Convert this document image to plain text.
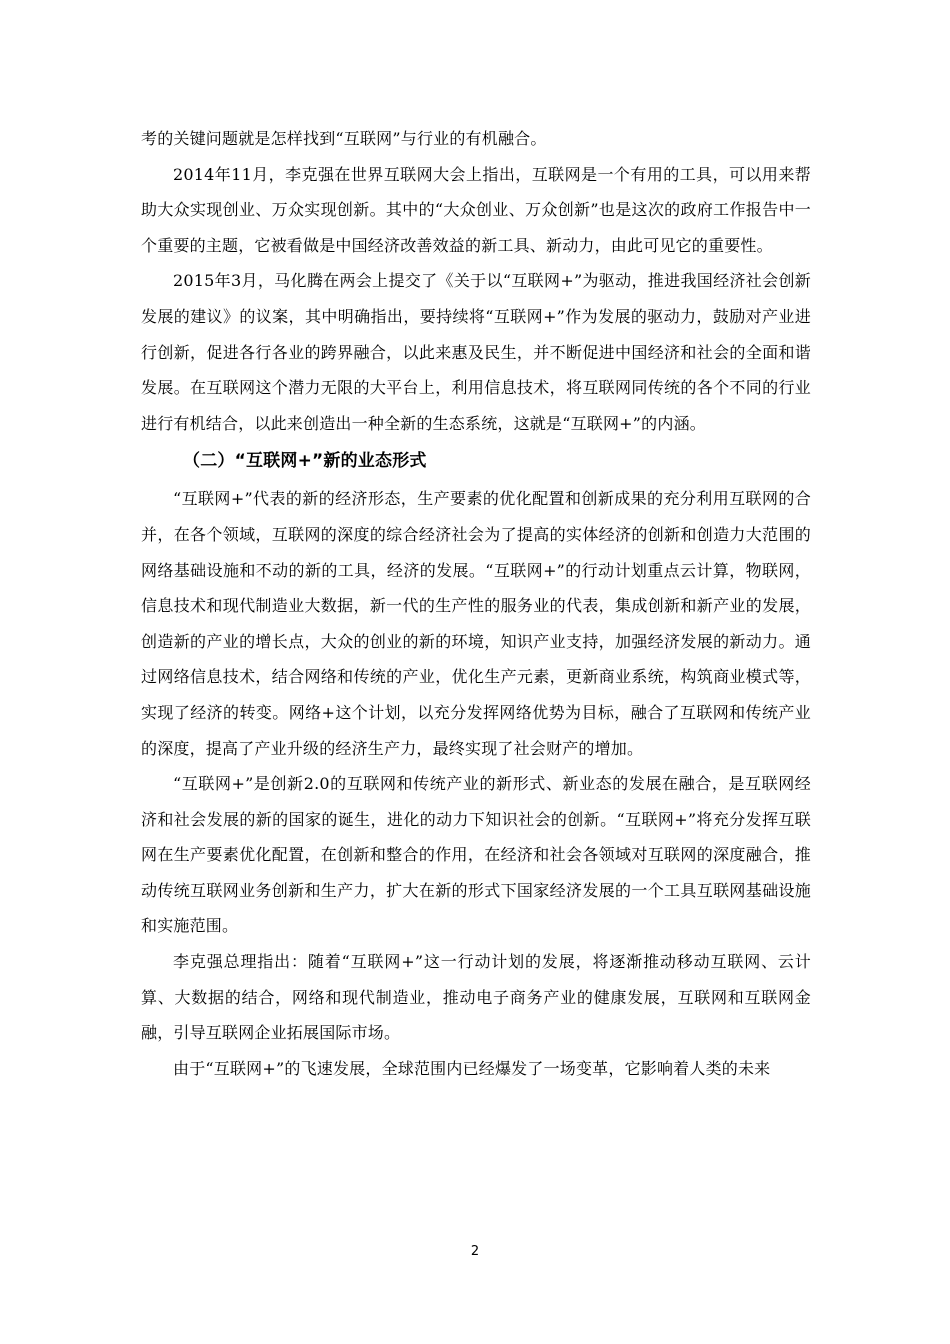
考的关键问题就是怎样找到“互联网”与行业的有机融合。

2014年11月，李克强在世界互联网大会上指出，互联网是一个有用的工具，可以用来帮助大众实现创业、万众实现创新。其中的“大众创业、万众创新”也是这次的政府工作报告中一个重要的主题，它被看做是中国经济改善效益的新工具、新动力，由此可见它的重要性。

2015年3月，马化腾在两会上提交了《关于以“互联网+”为驱动，推进我国经济社会创新发展的建议》的议案，其中明确指出，要持续将“互联网+”作为发展的驱动力，鼓励对产业进行创新，促进各行各业的跨界融合，以此来惠及民生，并不断促进中国经济和社会的全面和谐发展。在互联网这个潜力无限的大平台上，利用信息技术，将互联网同传统的各个不同的行业进行有机结合，以此来创造出一种全新的生态系统，这就是“互联网+”的内涵。

（二）“互联网+”新的业态形式

“互联网+”代表的新的经济形态，生产要素的优化配置和创新成果的充分利用互联网的合并，在各个领域，互联网的深度的综合经济社会为了提高的实体经济的创新和创造力大范围的网络基础设施和不动的新的工具，经济的发展。“互联网+”的行动计划重点云计算，物联网，信息技术和现代制造业大数据，新一代的生产性的服务业的代表，集成创新和新产业的发展，创造新的产业的增长点，大众的创业的新的环境，知识产业支持，加强经济发展的新动力。通过网络信息技术，结合网络和传统的产业，优化生产元素，更新商业系统，构筑商业模式等，实现了经济的转变。网络+这个计划，以充分发挥网络优势为目标，融合了互联网和传统产业的深度，提高了产业升级的经济生产力，最终实现了社会财产的增加。

“互联网+”是创新2.0的互联网和传统产业的新形式、新业态的发展在融合，是互联网经济和社会发展的新的国家的诞生，进化的动力下知识社会的创新。“互联网+”将充分发挥互联网在生产要素优化配置，在创新和整合的作用，在经济和社会各领域对互联网的深度融合，推动传统互联网业务创新和生产力，扩大在新的形式下国家经济发展的一个工具互联网基础设施和实施范围。

李克强总理指出：随着“互联网+”这一行动计划的发展，将逐渐推动移动互联网、云计算、大数据的结合，网络和现代制造业，推动电子商务产业的健康发展，互联网和互联网金融，引导互联网企业拓展国际市场。

由于“互联网+”的飞速发展，全球范围内已经爆发了一场变革，它影响着人类的未来

2
